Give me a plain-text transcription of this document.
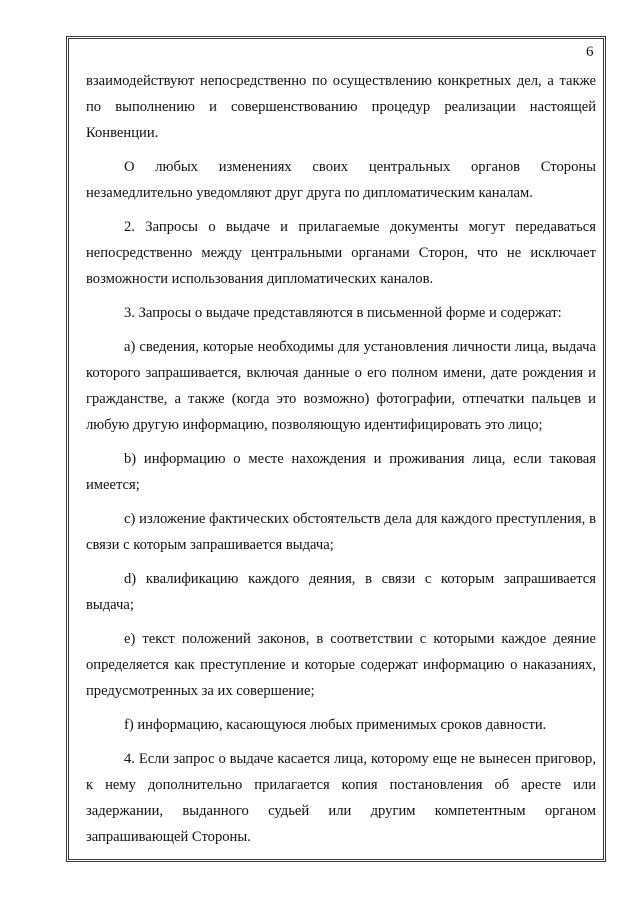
6

взаимодействуют непосредственно по осуществлению конкретных дел, а также по выполнению и совершенствованию процедур реализации настоящей Конвенции.

О любых изменениях своих центральных органов Стороны незамедлительно уведомляют друг друга по дипломатическим каналам.

2. Запросы о выдаче и прилагаемые документы могут передаваться непосредственно между центральными органами Сторон, что не исключает возможности использования дипломатических каналов.

3. Запросы о выдаче представляются в письменной форме и содержат:

а) сведения, которые необходимы для установления личности лица, выдача которого запрашивается, включая данные о его полном имени, дате рождения и гражданстве, а также (когда это возможно) фотографии, отпечатки пальцев и любую другую информацию, позволяющую идентифицировать это лицо;

b) информацию о месте нахождения и проживания лица, если таковая имеется;

с) изложение фактических обстоятельств дела для каждого преступления, в связи с которым запрашивается выдача;

d) квалификацию каждого деяния, в связи с которым запрашивается выдача;

е) текст положений законов, в соответствии с которыми каждое деяние определяется как преступление и которые содержат информацию о наказаниях, предусмотренных за их совершение;

f) информацию, касающуюся любых применимых сроков давности.

4. Если запрос о выдаче касается лица, которому еще не вынесен приговор, к нему дополнительно прилагается копия постановления об аресте или задержании, выданного судьей или другим компетентным органом запрашивающей Стороны.
